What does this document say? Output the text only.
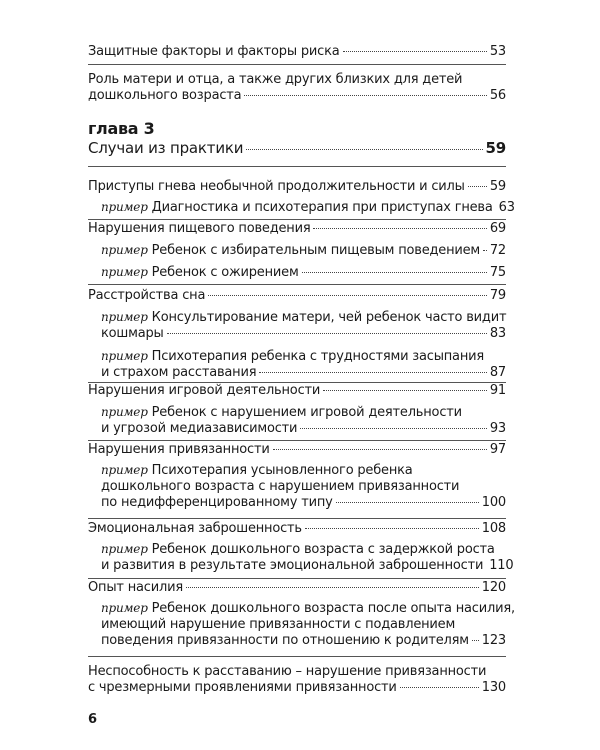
Защитные факторы и факторы риска	53
Роль матери и отца, а также других близких для детей
дошкольного возраста	56
глава 3
Случаи из практики	59
Приступы гнева необычной продолжительности и силы 59
пример Диагностика и психотерапия при приступах гнева 63
Нарушения пищевого поведения	69
пример Ребенок с избирательным пищевым поведением 72
пример Ребенок с ожирением	75
Расстройства сна	79
пример Консультирование матери, чей ребенок часто видит
кошмары	83
пример Психотерапия ребенка с трудностями засыпания
и страхом расставания	87
Нарушения игровой деятельности	91
пример Ребенок с нарушением игровой деятельности
и угрозой медиазависимости	93
Нарушения привязанности	97
пример Психотерапия усыновленного ребенка
дошкольного возраста с нарушением привязанности
по недифференцированному типу	100
Эмоциональная заброшенность	108
пример Ребенок дошкольного возраста с задержкой роста
и развития в результате эмоциональной заброшенности 110
Опыт насилия	120
пример Ребенок дошкольного возраста после опыта насилия,
имеющий нарушение привязанности с подавлением
поведения привязанности по отношению к родителям 123
Неспособность к расставанию – нарушение привязанности
с чрезмерными проявлениями привязанности	130
6
